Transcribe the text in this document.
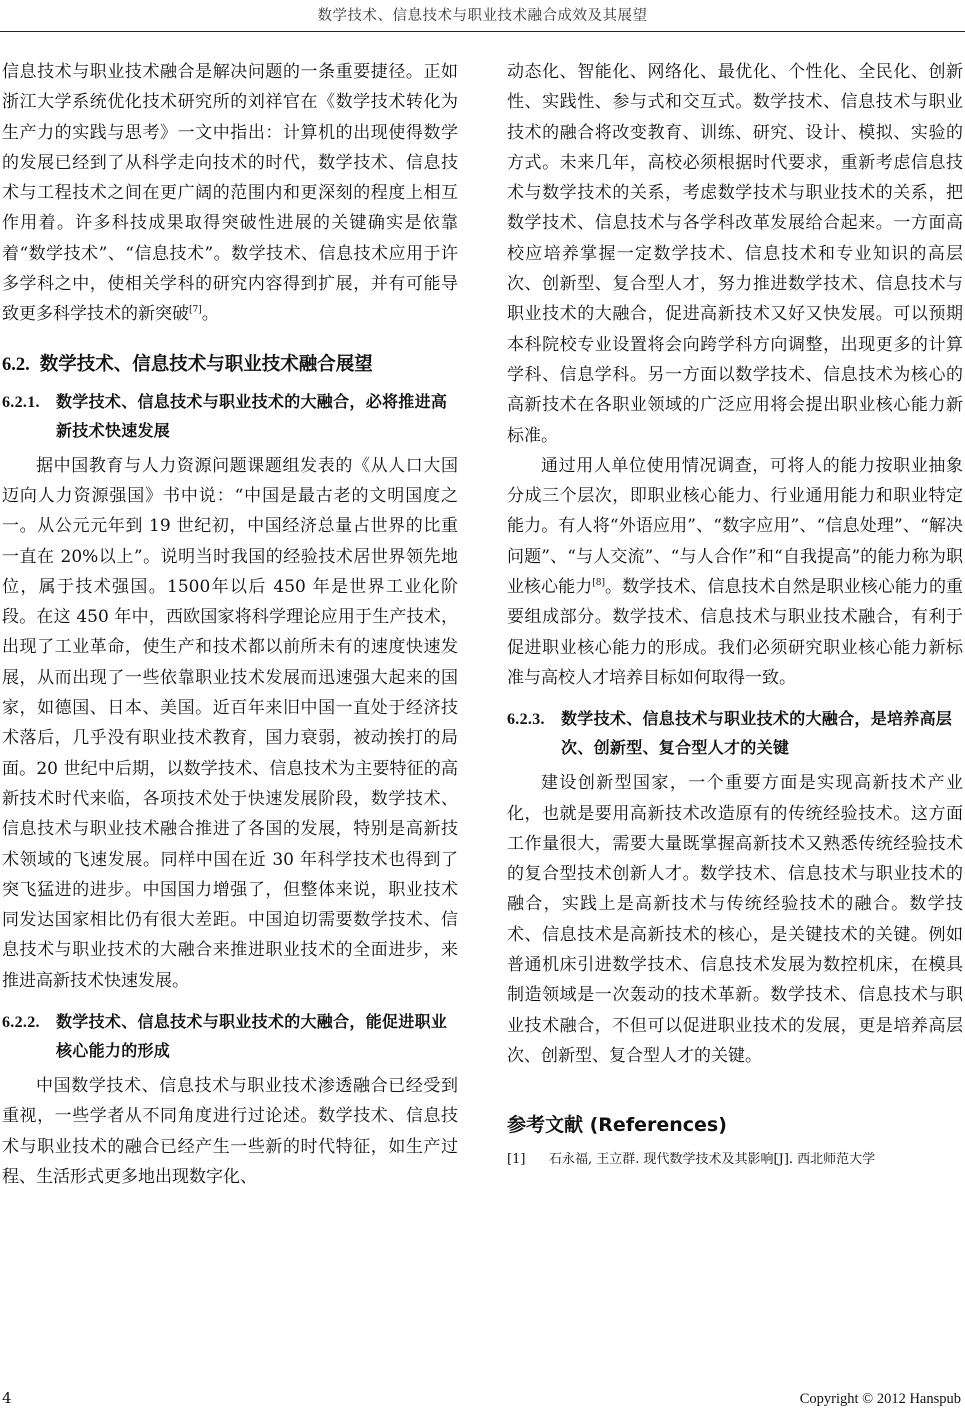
数学技术、信息技术与职业技术融合成效及其展望

信息技术与职业技术融合是解决问题的一条重要捷径。正如浙江大学系统优化技术研究所的刘祥官在《数学技术转化为生产力的实践与思考》一文中指出：计算机的出现使得数学的发展已经到了从科学走向技术的时代，数学技术、信息技术与工程技术之间在更广阔的范围内和更深刻的程度上相互作用着。许多科技成果取得突破性进展的关键确实是依靠着“数学技术”、“信息技术”。数学技术、信息技术应用于许多学科之中，使相关学科的研究内容得到扩展，并有可能导致更多科学技术的新突破[7]。

6.2. 数学技术、信息技术与职业技术融合展望
6.2.1. 数学技术、信息技术与职业技术的大融合，必将推进高新技术快速发展

据中国教育与人力资源问题课题组发表的《从人口大国迈向人力资源强国》书中说：“中国是最古老的文明国度之一。从公元元年到 19 世纪初，中国经济总量占世界的比重一直在 20%以上”。说明当时我国的经验技术居世界领先地位，属于技术强国。1500年以后 450 年是世界工业化阶段。在这 450 年中，西欧国家将科学理论应用于生产技术，出现了工业革命，使生产和技术都以前所未有的速度快速发展，从而出现了一些依靠职业技术发展而迅速强大起来的国家，如德国、日本、美国。近百年来旧中国一直处于经济技术落后，几乎没有职业技术教育，国力衰弱，被动挨打的局面。20 世纪中后期，以数学技术、信息技术为主要特征的高新技术时代来临，各项技术处于快速发展阶段，数学技术、信息技术与职业技术融合推进了各国的发展，特别是高新技术领域的飞速发展。同样中国在近 30 年科学技术也得到了突飞猛进的进步。中国国力增强了，但整体来说，职业技术同发达国家相比仍有很大差距。中国迫切需要数学技术、信息技术与职业技术的大融合来推进职业技术的全面进步，来推进高新技术快速发展。

6.2.2. 数学技术、信息技术与职业技术的大融合，能促进职业核心能力的形成

中国数学技术、信息技术与职业技术渗透融合已经受到重视，一些学者从不同角度进行过论述。数学技术、信息技术与职业技术的融合已经产生一些新的时代特征，如生产过程、生活形式更多地出现数字化、

动态化、智能化、网络化、最优化、个性化、全民化、创新性、实践性、参与式和交互式。数学技术、信息技术与职业技术的融合将改变教育、训练、研究、设计、模拟、实验的方式。未来几年，高校必须根据时代要求，重新考虑信息技术与数学技术的关系，考虑数学技术与职业技术的关系，把数学技术、信息技术与各学科改革发展给合起来。一方面高校应培养掌握一定数学技术、信息技术和专业知识的高层次、创新型、复合型人才，努力推进数学技术、信息技术与职业技术的大融合，促进高新技术又好又快发展。可以预期本科院校专业设置将会向跨学科方向调整，出现更多的计算学科、信息学科。另一方面以数学技术、信息技术为核心的高新技术在各职业领域的广泛应用将会提出职业核心能力新标准。

通过用人单位使用情况调查，可将人的能力按职业抽象分成三个层次，即职业核心能力、行业通用能力和职业特定能力。有人将“外语应用”、“数字应用”、“信息处理”、“解决问题”、“与人交流”、“与人合作”和“自我提高”的能力称为职业核心能力[8]。数学技术、信息技术自然是职业核心能力的重要组成部分。数学技术、信息技术与职业技术融合，有利于促进职业核心能力的形成。我们必须研究职业核心能力新标准与高校人才培养目标如何取得一致。

6.2.3. 数学技术、信息技术与职业技术的大融合，是培养高层次、创新型、复合型人才的关键

建设创新型国家，一个重要方面是实现高新技术产业化，也就是要用高新技术改造原有的传统经验技术。这方面工作量很大，需要大量既掌握高新技术又熟悉传统经验技术的复合型技术创新人才。数学技术、信息技术与职业技术的融合，实践上是高新技术与传统经验技术的融合。数学技术、信息技术是高新技术的核心，是关键技术的关键。例如普通机床引进数学技术、信息技术发展为数控机床，在模具制造领域是一次轰动的技术革新。数学技术、信息技术与职业技术融合，不但可以促进职业技术的发展，更是培养高层次、创新型、复合型人才的关键。

参考文献 (References)
[1]	石永福, 王立群. 现代数学技术及其影响[J]. 西北师范大学
4	Copyright © 2012 Hanspub
